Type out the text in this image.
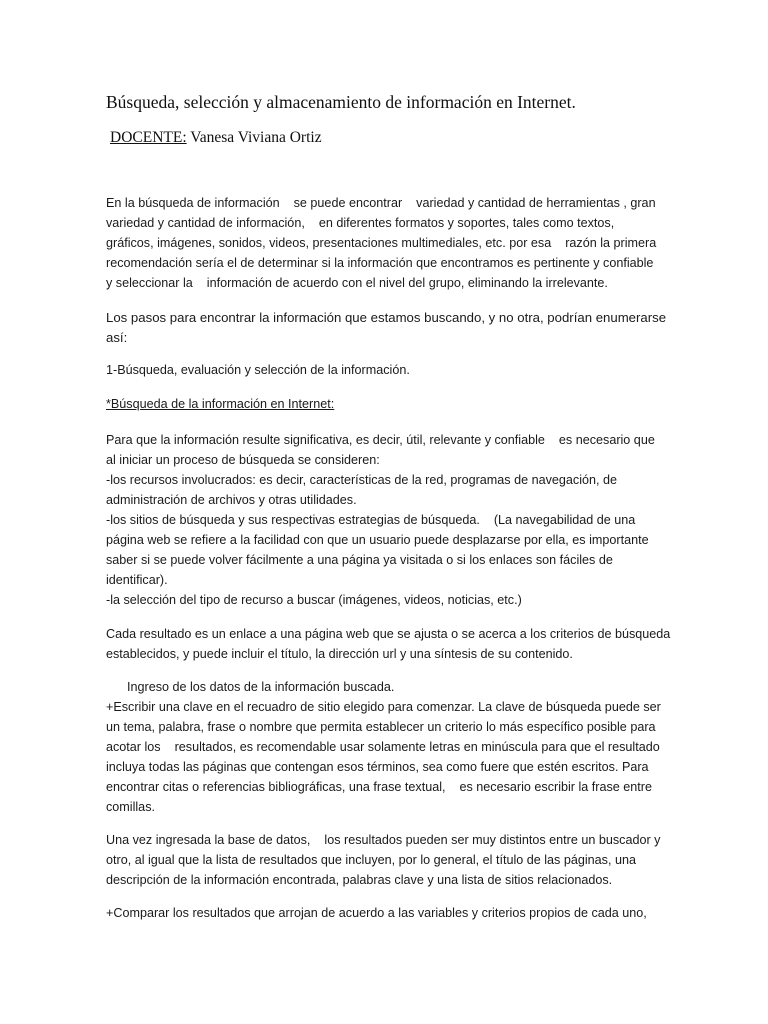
Búsqueda, selección y almacenamiento de información en Internet.
DOCENTE: Vanesa Viviana Ortiz
En la búsqueda de información    se puede encontrar    variedad y cantidad de herramientas , gran
variedad y cantidad de información,    en diferentes formatos y soportes, tales como textos,
gráficos, imágenes, sonidos, videos, presentaciones multimediales, etc. por esa    razón la primera
recomendación sería el de determinar si la información que encontramos es pertinente y confiable
y seleccionar la    información de acuerdo con el nivel del grupo, eliminando la irrelevante.
Los pasos para encontrar la información que estamos buscando, y no otra, podrían enumerarse
así:
1-Búsqueda, evaluación y selección de la información.
*Búsqueda de la información en Internet:
Para que la información resulte significativa, es decir, útil, relevante y confiable    es necesario que
al iniciar un proceso de búsqueda se consideren:
-los recursos involucrados: es decir, características de la red, programas de navegación, de
administración de archivos y otras utilidades.
-los sitios de búsqueda y sus respectivas estrategias de búsqueda.    (La navegabilidad de una
página web se refiere a la facilidad con que un usuario puede desplazarse por ella, es importante
saber si se puede volver fácilmente a una página ya visitada o si los enlaces son fáciles de
identificar).
-la selección del tipo de recurso a buscar (imágenes, videos, noticias, etc.)
Cada resultado es un enlace a una página web que se ajusta o se acerca a los criterios de búsqueda
establecidos, y puede incluir el título, la dirección url y una síntesis de su contenido.
Ingreso de los datos de la información buscada.
+Escribir una clave en el recuadro de sitio elegido para comenzar. La clave de búsqueda puede ser
un tema, palabra, frase o nombre que permita establecer un criterio lo más específico posible para
acotar los    resultados, es recomendable usar solamente letras en minúscula para que el resultado
incluya todas las páginas que contengan esos términos, sea como fuere que estén escritos. Para
encontrar citas o referencias bibliográficas, una frase textual,    es necesario escribir la frase entre
comillas.
Una vez ingresada la base de datos,    los resultados pueden ser muy distintos entre un buscador y
otro, al igual que la lista de resultados que incluyen, por lo general, el título de las páginas, una
descripción de la información encontrada, palabras clave y una lista de sitios relacionados.
+Comparar los resultados que arrojan de acuerdo a las variables y criterios propios de cada uno,
